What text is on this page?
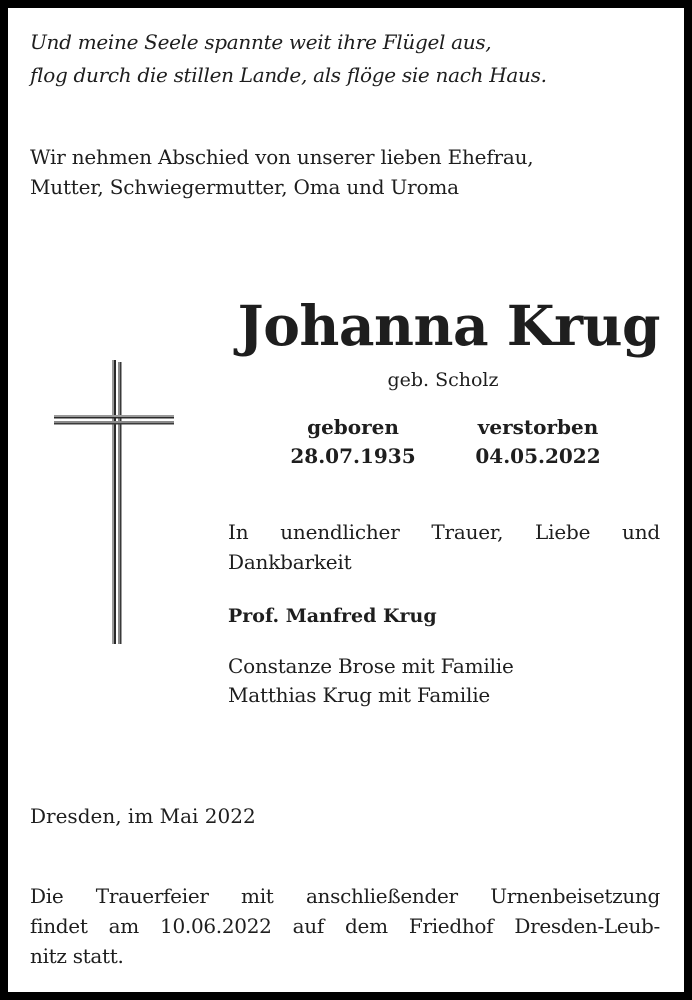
Und meine Seele spannte weit ihre Flügel aus,
flog durch die stillen Lande, als flöge sie nach Haus.
Wir nehmen Abschied von unserer lieben Ehefrau,
Mutter, Schwiegermutter, Oma und Uroma
Johanna Krug
geb. Scholz
geboren
28.07.1935
verstorben
04.05.2022
In unendlicher Trauer, Liebe und Dankbarkeit
Prof. Manfred Krug
Constanze Brose mit Familie
Matthias Krug mit Familie
Dresden, im Mai 2022
Die Trauerfeier mit anschließender Urnenbeisetzung
findet am 10.06.2022 auf dem Friedhof Dresden-Leub-
nitz statt.
